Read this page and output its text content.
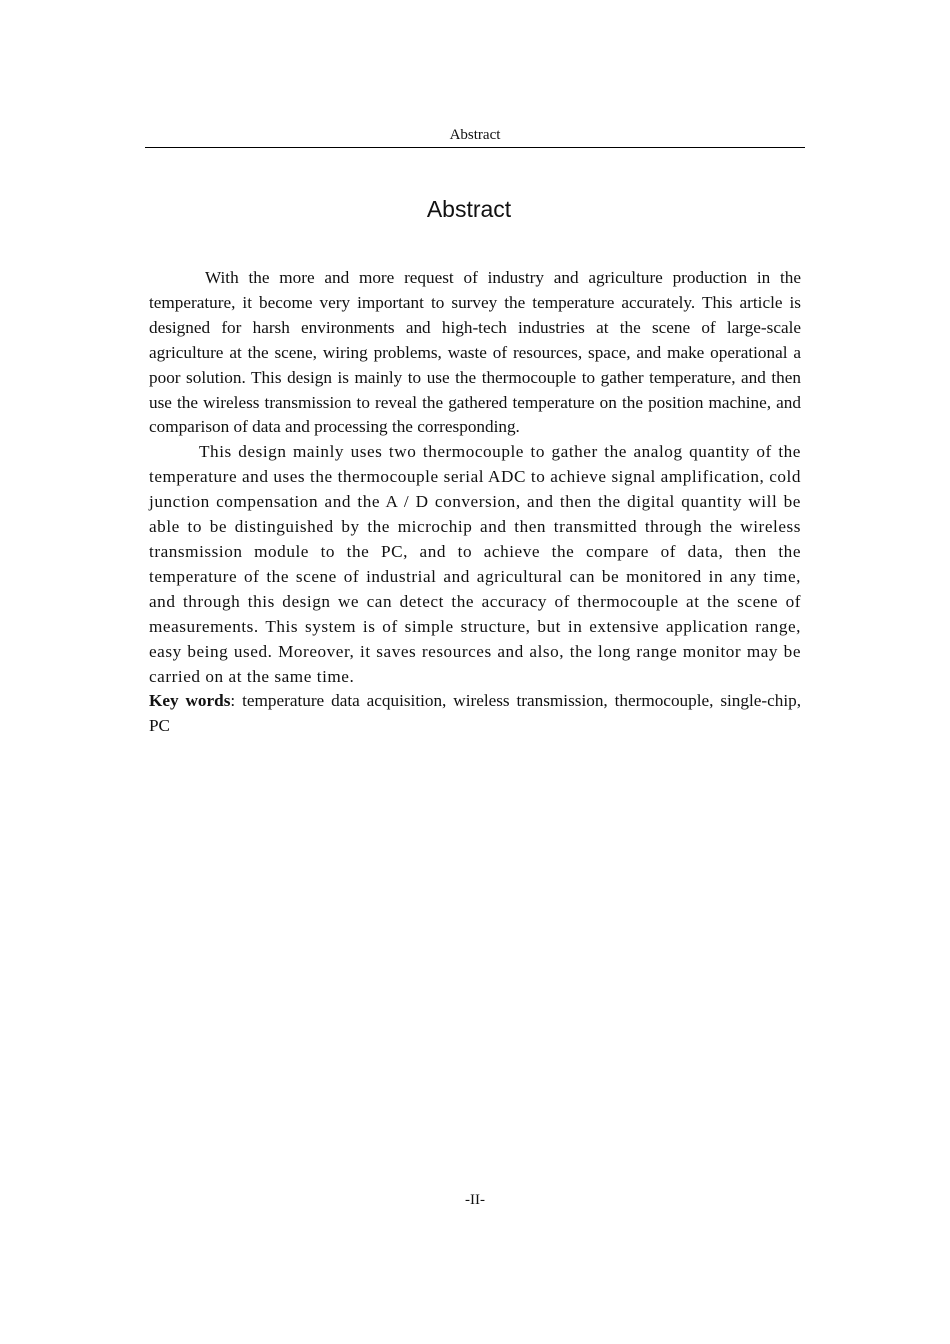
Abstract
Abstract

With the more and more request of industry and agriculture production in the temperature, it become very important to survey the temperature accurately. This article is designed for harsh environments and high-tech industries at the scene of large-scale agriculture at the scene, wiring problems, waste of resources, space, and make operational a poor solution. This design is mainly to use the thermocouple to gather temperature, and then use the wireless transmission to reveal the gathered temperature on the position machine, and comparison of data and processing the corresponding.

This design mainly uses two thermocouple to gather the analog quantity of the temperature and uses the thermocouple serial ADC to achieve signal amplification, cold junction compensation and the A / D conversion, and then the digital quantity will be able to be distinguished by the microchip and then transmitted through the wireless transmission module to the PC, and to achieve the compare of data, then the temperature of the scene of industrial and agricultural can be monitored in any time, and through this design we can detect the accuracy of thermocouple at the scene of measurements. This system is of simple structure, but in extensive application range, easy being used. Moreover, it saves resources and also, the long range monitor may be carried on at the same time.

Key words: temperature data acquisition, wireless transmission, thermocouple, single-chip, PC

-II-
